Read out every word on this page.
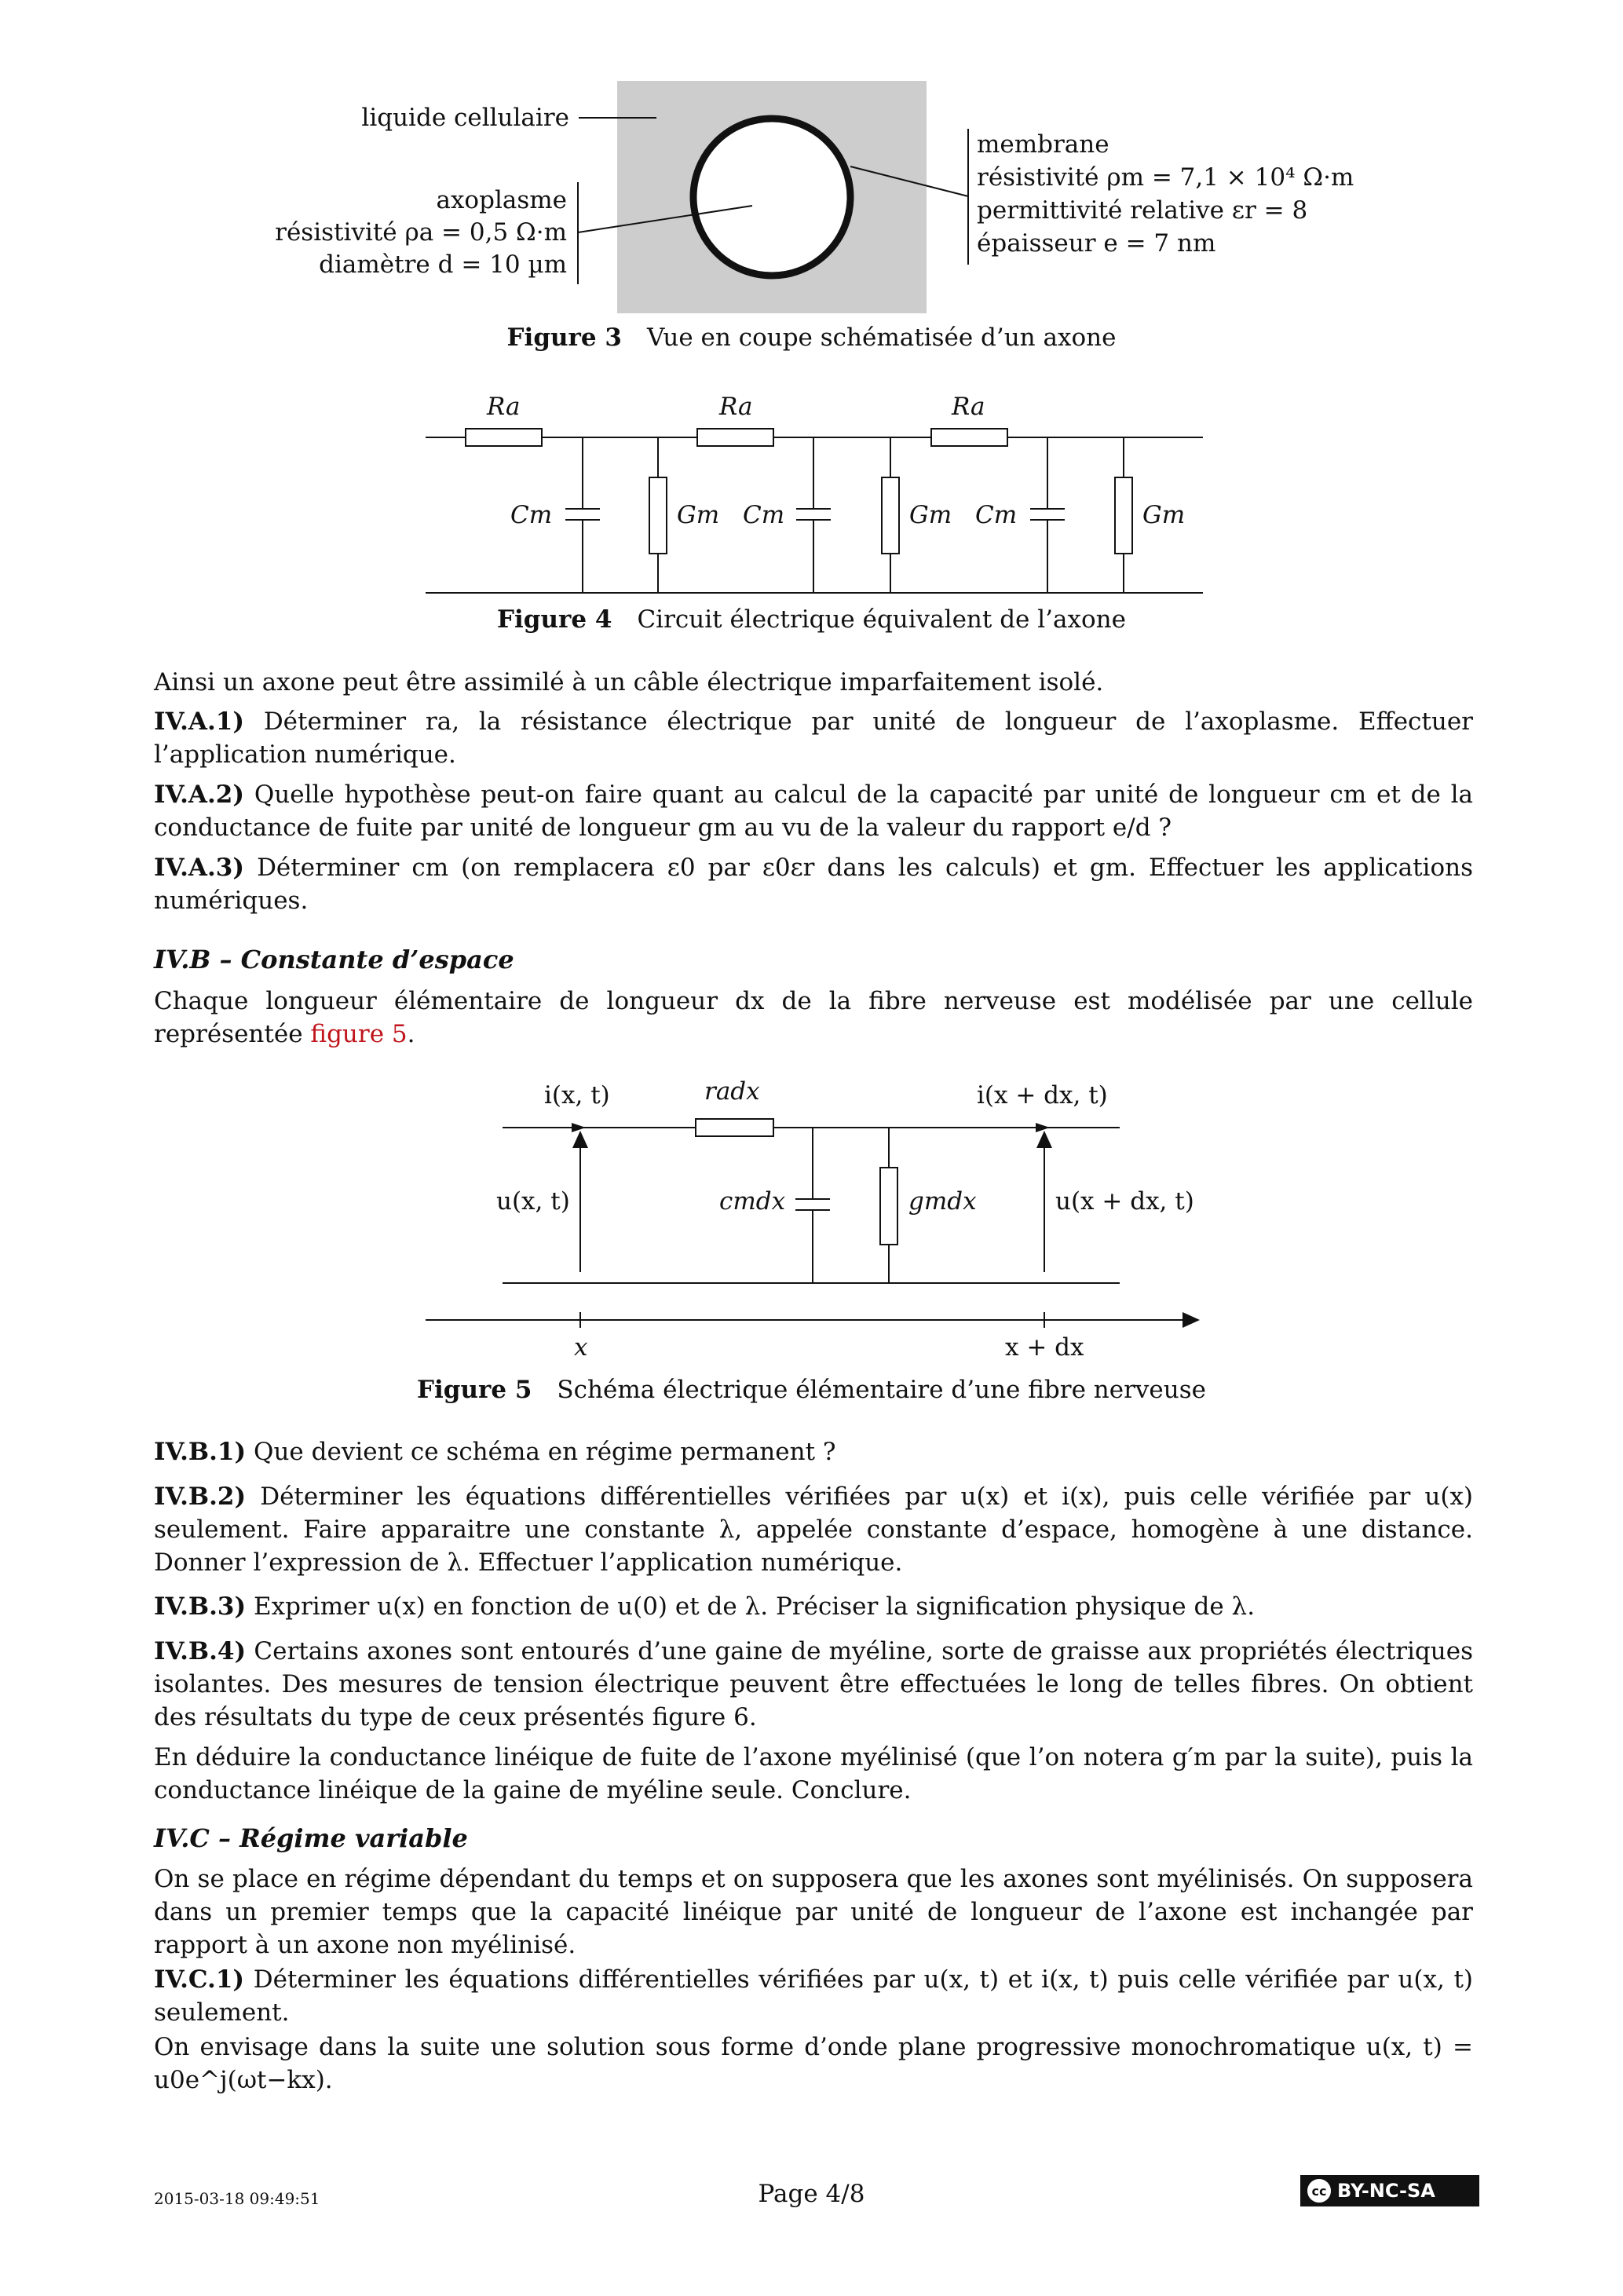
liquide cellulaire
axoplasme
résistivité ρa = 0,5 Ω·m
diamètre d = 10 µm
membrane
résistivité ρm = 7,1 × 10⁴ Ω·m
permittivité relative εr = 8
épaisseur e = 7 nm
Figure 3 Vue en coupe schématisée d’un axone
Ra	Ra	Ra
Cm	Cm	Cm
Gm	Gm	Gm
Figure 4 Circuit électrique équivalent de l’axone
Ainsi un axone peut être assimilé à un câble électrique imparfaitement isolé.
IV.A.1) Déterminer ra, la résistance électrique par unité de longueur de l’axoplasme. Effectuer l’application numérique.
IV.A.2) Quelle hypothèse peut-on faire quant au calcul de la capacité par unité de longueur cm et de la conductance de fuite par unité de longueur gm au vu de la valeur du rapport e/d ?
IV.A.3) Déterminer cm (on remplacera ε0 par ε0εr dans les calculs) et gm. Effectuer les applications numériques.
IV.B – Constante d’espace
Chaque longueur élémentaire de longueur dx de la fibre nerveuse est modélisée par une cellule représentée figure 5.
i(x, t)	radx	i(x + dx, t)
u(x, t)	cmdx	gmdx	u(x + dx, t)
x	x + dx
Figure 5 Schéma électrique élémentaire d’une fibre nerveuse
IV.B.1) Que devient ce schéma en régime permanent ?
IV.B.2) Déterminer les équations différentielles vérifiées par u(x) et i(x), puis celle vérifiée par u(x) seulement. Faire apparaitre une constante λ, appelée constante d’espace, homogène à une distance. Donner l’expression de λ. Effectuer l’application numérique.
IV.B.3) Exprimer u(x) en fonction de u(0) et de λ. Préciser la signification physique de λ.
IV.B.4) Certains axones sont entourés d’une gaine de myéline, sorte de graisse aux propriétés électriques isolantes. Des mesures de tension électrique peuvent être effectuées le long de telles fibres. On obtient des résultats du type de ceux présentés figure 6.
En déduire la conductance linéique de fuite de l’axone myélinisé (que l’on notera g′m par la suite), puis la conductance linéique de la gaine de myéline seule. Conclure.
IV.C – Régime variable
On se place en régime dépendant du temps et on supposera que les axones sont myélinisés. On supposera dans un premier temps que la capacité linéique par unité de longueur de l’axone est inchangée par rapport à un axone non myélinisé.
IV.C.1) Déterminer les équations différentielles vérifiées par u(x, t) et i(x, t) puis celle vérifiée par u(x, t) seulement.
On envisage dans la suite une solution sous forme d’onde plane progressive monochromatique u(x, t) = u0e^j(ωt−kx).
2015-03-18 09:49:51	Page 4/8	cc BY-NC-SA
